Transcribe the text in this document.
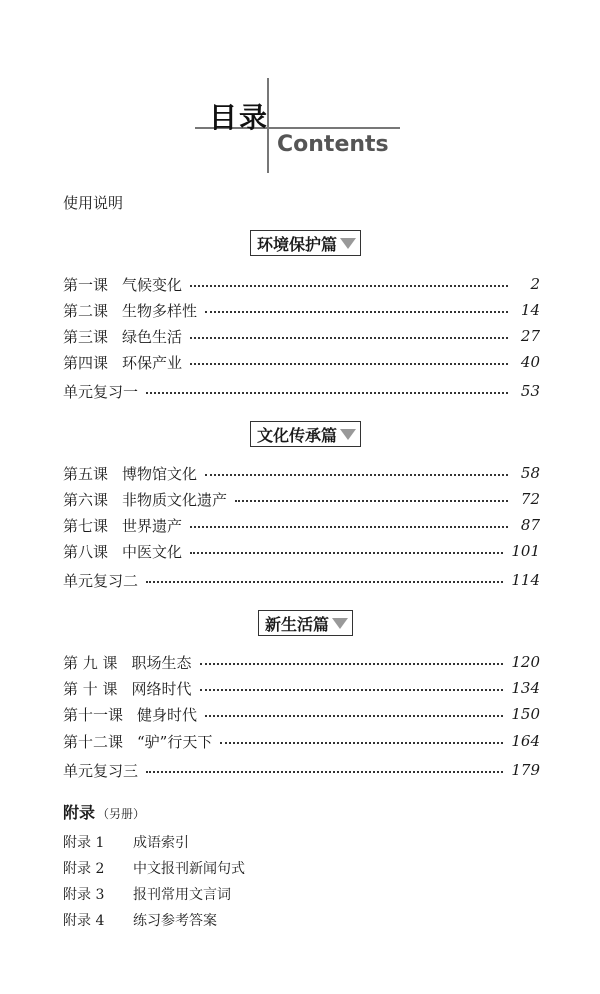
目录
Contents
使用说明
环境保护篇
第一课 气候变化	2
第二课 生物多样性	14
第三课 绿色生活	27
第四课 环保产业	40
单元复习一	53
文化传承篇
第五课 博物馆文化	58
第六课 非物质文化遗产	72
第七课 世界遗产	87
第八课 中医文化	101
单元复习二	114
新生活篇
第 九 课 职场生态	120
第 十 课 网络时代	134
第十一课 健身时代	150
第十二课 “驴”行天下	164
单元复习三	179
附录 （另册）
附录 1 成语索引
附录 2 中文报刊新闻句式
附录 3 报刊常用文言词
附录 4 练习参考答案
